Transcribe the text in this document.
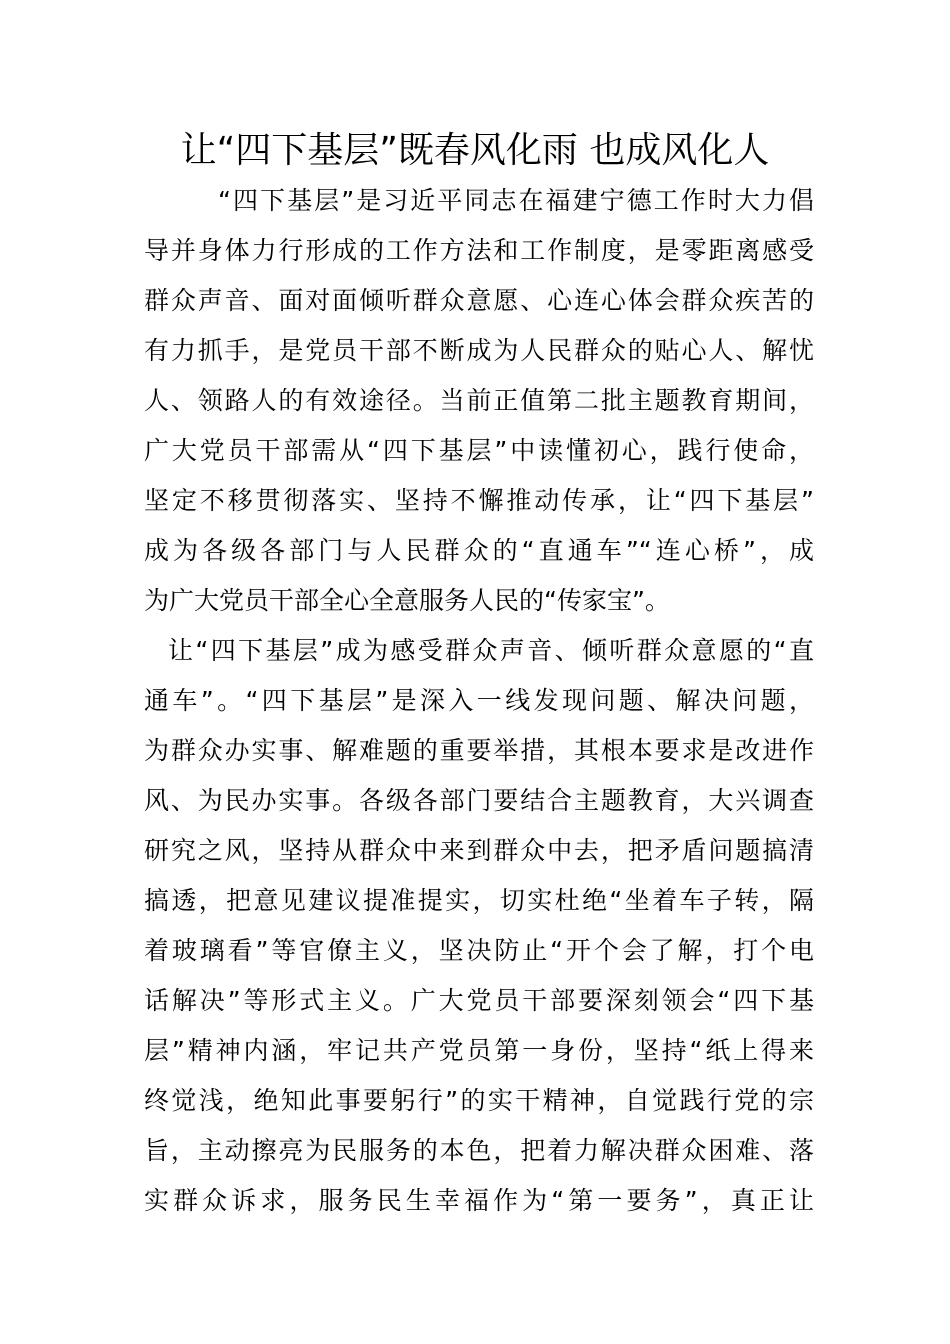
让“四下基层”既春风化雨 也成风化人
“四下基层”是习近平同志在福建宁德工作时大力倡
导并身体力行形成的工作方法和工作制度，是零距离感受
群众声音、面对面倾听群众意愿、心连心体会群众疾苦的
有力抓手，是党员干部不断成为人民群众的贴心人、解忧
人、领路人的有效途径。当前正值第二批主题教育期间，
广大党员干部需从“四下基层”中读懂初心，践行使命，
坚定不移贯彻落实、坚持不懈推动传承，让“四下基层”
成为各级各部门与人民群众的“直通车”“连心桥”，成
为广大党员干部全心全意服务人民的“传家宝”。
让“四下基层”成为感受群众声音、倾听群众意愿的“直
通车”。“四下基层”是深入一线发现问题、解决问题，
为群众办实事、解难题的重要举措，其根本要求是改进作
风、为民办实事。各级各部门要结合主题教育，大兴调查
研究之风，坚持从群众中来到群众中去，把矛盾问题搞清
搞透，把意见建议提准提实，切实杜绝“坐着车子转，隔
着玻璃看”等官僚主义，坚决防止“开个会了解，打个电
话解决”等形式主义。广大党员干部要深刻领会“四下基
层”精神内涵，牢记共产党员第一身份，坚持“纸上得来
终觉浅，绝知此事要躬行”的实干精神，自觉践行党的宗
旨，主动擦亮为民服务的本色，把着力解决群众困难、落
实群众诉求，服务民生幸福作为“第一要务”，真正让
